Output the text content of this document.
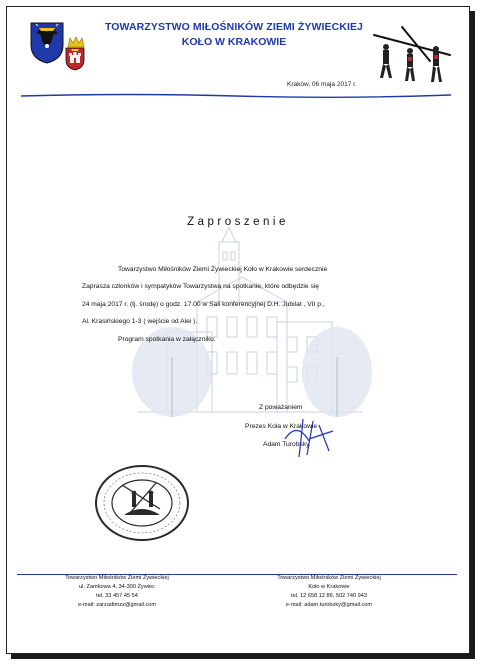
TOWARZYSTWO MIŁOŚNIKÓW ZIEMI ŻYWIECKIEJ
KOŁO W KRAKOWIE
Kraków, 06 maja 2017 r.
Zaproszenie
Towarzystwo Miłośników Ziemi Żywieckiej Koło w Krakowie serdecznie
Zaprasza członków i sympatyków Towarzystwa na spotkanie, które odbędzie się
24 maja 2017 r. (tj. środę) o godz. 17.00 w Sali konferencyjnej D.H. Jubilat , VII p.,
Al. Krasińskiego 1-3 ( wejście od Alei ).
Program spotkania w załączniku.
Z poważaniem
Prezes Koła w Krakowie
Adam Turobsky
Towarzystwo Miłośników Ziemi Żywieckiej
ul. Zamkowa 4, 34-300 Żywiec
tel. 33 457 45 54
e-mail: zarzadtmzz@gmail.com
Towarzystwo Miłośników Ziemi Żywieckiej
Koło w Krakowie
tel. 12 658 12 86, 502 740 943
e-mail: adam.turobsky@gmail.com
